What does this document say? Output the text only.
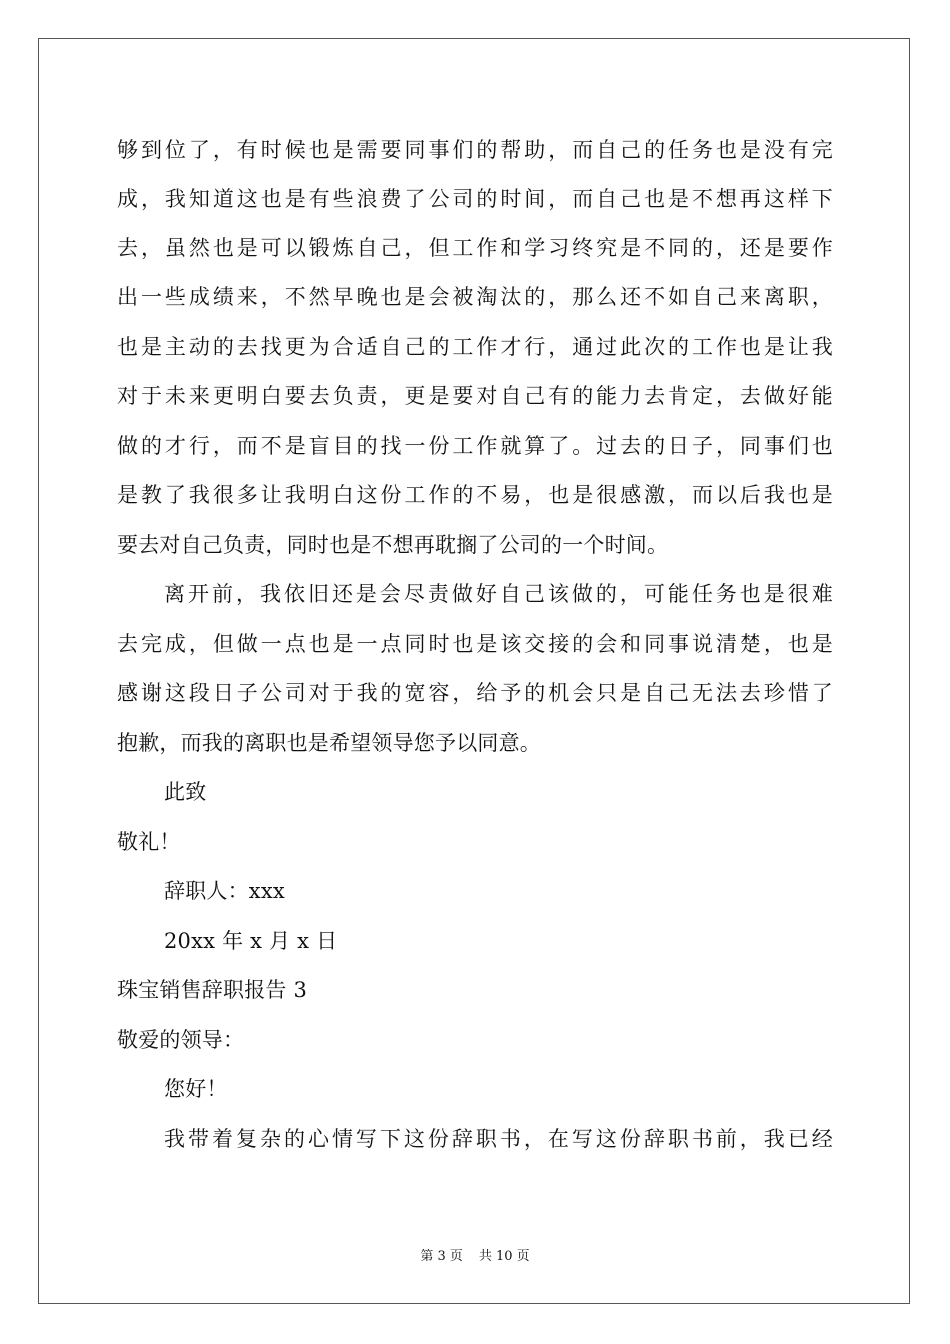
够到位了，有时候也是需要同事们的帮助，而自己的任务也是没有完
成，我知道这也是有些浪费了公司的时间，而自己也是不想再这样下
去，虽然也是可以锻炼自己，但工作和学习终究是不同的，还是要作
出一些成绩来，不然早晚也是会被淘汰的，那么还不如自己来离职，
也是主动的去找更为合适自己的工作才行，通过此次的工作也是让我
对于未来更明白要去负责，更是要对自己有的能力去肯定，去做好能
做的才行，而不是盲目的找一份工作就算了。过去的日子，同事们也
是教了我很多让我明白这份工作的不易，也是很感激，而以后我也是
要去对自己负责，同时也是不想再耽搁了公司的一个时间。
离开前，我依旧还是会尽责做好自己该做的，可能任务也是很难
去完成，但做一点也是一点同时也是该交接的会和同事说清楚，也是
感谢这段日子公司对于我的宽容，给予的机会只是自己无法去珍惜了
抱歉，而我的离职也是希望领导您予以同意。
此致
敬礼！
辞职人：xxx
20xx 年 x 月 x 日
珠宝销售辞职报告 3
敬爱的领导：
您好！
我带着复杂的心情写下这份辞职书，在写这份辞职书前，我已经
第 3 页 共 10 页
